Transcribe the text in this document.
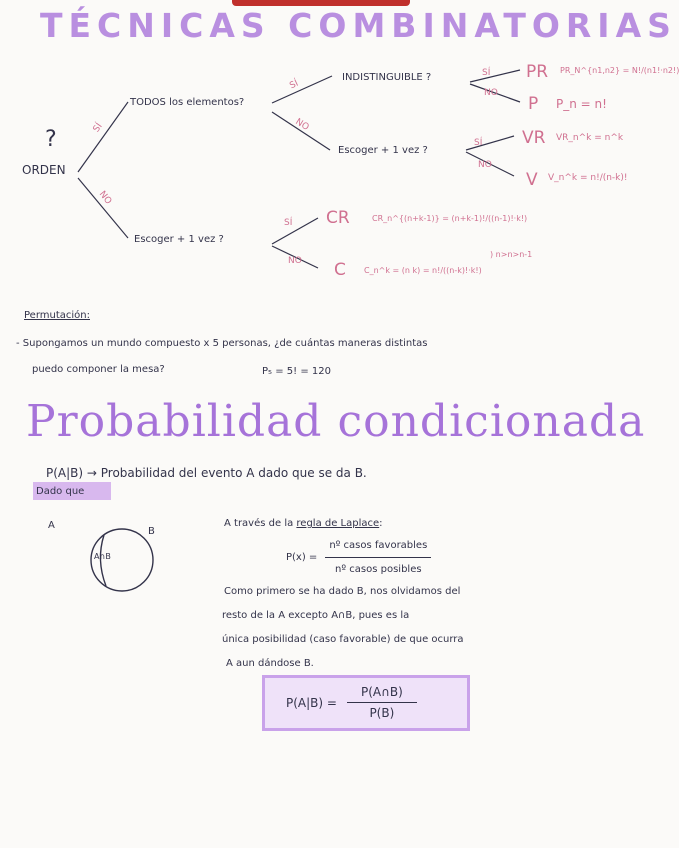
TÉCNICAS COMBINATORIAS
?
ORDEN
SÍ
NO
TODOS los elementos?
SÍ
NO
INDISTINGUIBLE ?	SÍ
NO
PR PR_N^{n1,n2} = N!/(n1!·n2!)
P P_n = n!
Escoger + 1 vez ?
SÍ
NO
VR VR_n^k = n^k
V V_n^k = n!/(n-k)!
Escoger + 1 vez ?
SÍ
NO
CR	CR_n^{(n+k-1)} = (n+k-1)!/((n-1)!·k!)
C C_n^k = (n k) = n!/((n-k)!·k!)
) n>n>n-1
Permutación:
- Supongamos un mundo compuesto x 5 personas, ¿de cuántas maneras distintas
puedo componer la mesa?	P₅ = 5! = 120
Probabilidad condicionada
P(A|B) → Probabilidad del evento A dado que se da B.
Dado que
A
B
A∩B
A través de la regla de Laplace:
$P(x) = \frac{\text{nº casos favorables}}{\text{nº casos posibles}}$
Como primero se ha dado B, nos olvidamos del
resto de la A excepto A∩B, pues es la
única posibilidad (caso favorable) de que ocurra
A aun dándose B.
$P(A|B) = \frac{P(A\cap B)}{P(B)}$
